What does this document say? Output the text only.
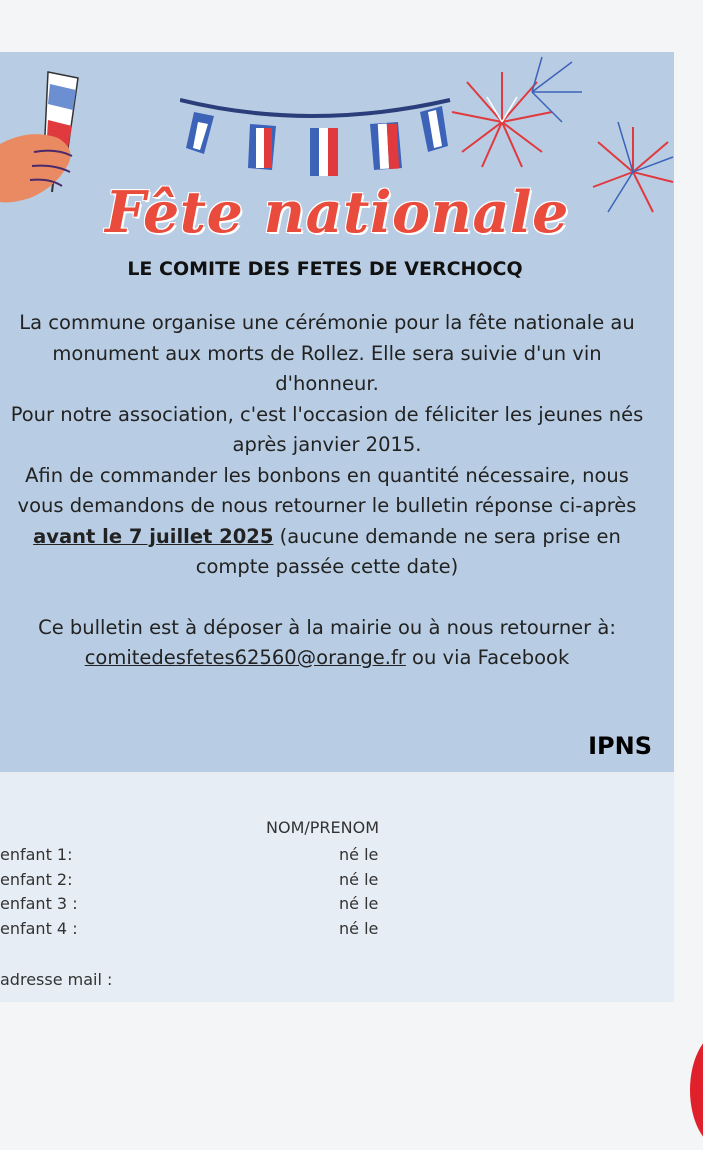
Fête nationale
LE COMITE DES FETES DE VERCHOCQ

La commune organise une cérémonie pour la fête nationale au monument aux morts de Rollez. Elle sera suivie d'un vin d'honneur.

Pour notre association, c'est l'occasion de féliciter les jeunes nés après janvier 2015.

Afin de commander les bonbons en quantité nécessaire, nous vous demandons de nous retourner le bulletin réponse ci-après avant le 7 juillet 2025 (aucune demande ne sera prise en compte passée cette date)

Ce bulletin est à déposer à la mairie ou à nous retourner à: comitedesfetes62560@orange.fr ou via Facebook

IPNS
NOM/PRENOM
enfant 1:	né le
enfant 2:	né le
enfant 3 :	né le
enfant 4 :	né le
adresse mail :
